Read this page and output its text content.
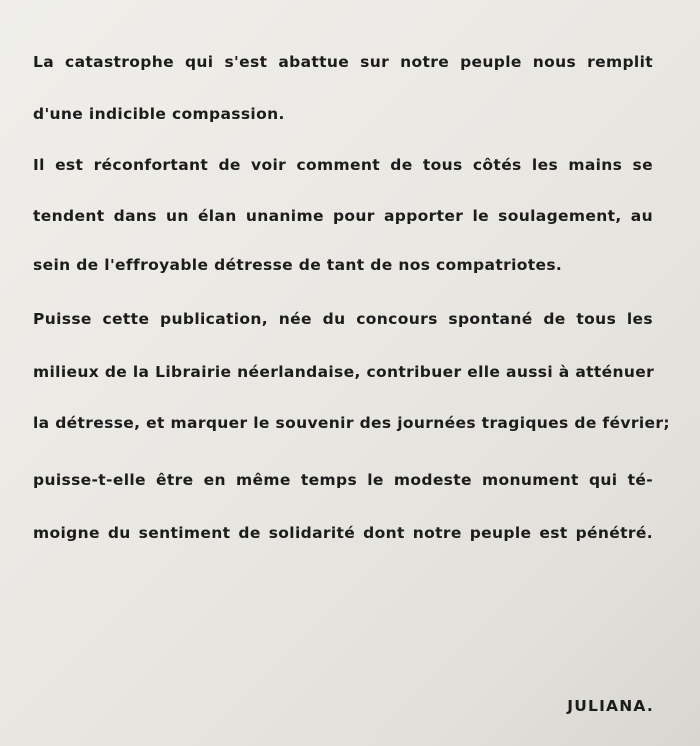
La catastrophe qui s'est abattue sur notre peuple nous remplit

d'une indicible compassion.

Il est réconfortant de voir comment de tous côtés les mains se

tendent dans un élan unanime pour apporter le soulagement, au

sein de l'effroyable détresse de tant de nos compatriotes.

Puisse cette publication, née du concours spontané de tous les

milieux de la Librairie néerlandaise, contribuer elle aussi à atténuer

la détresse, et marquer le souvenir des journées tragiques de février;

puisse-t-elle être en même temps le modeste monument qui té-

moigne du sentiment de solidarité dont notre peuple est pénétré.

JULIANA.
